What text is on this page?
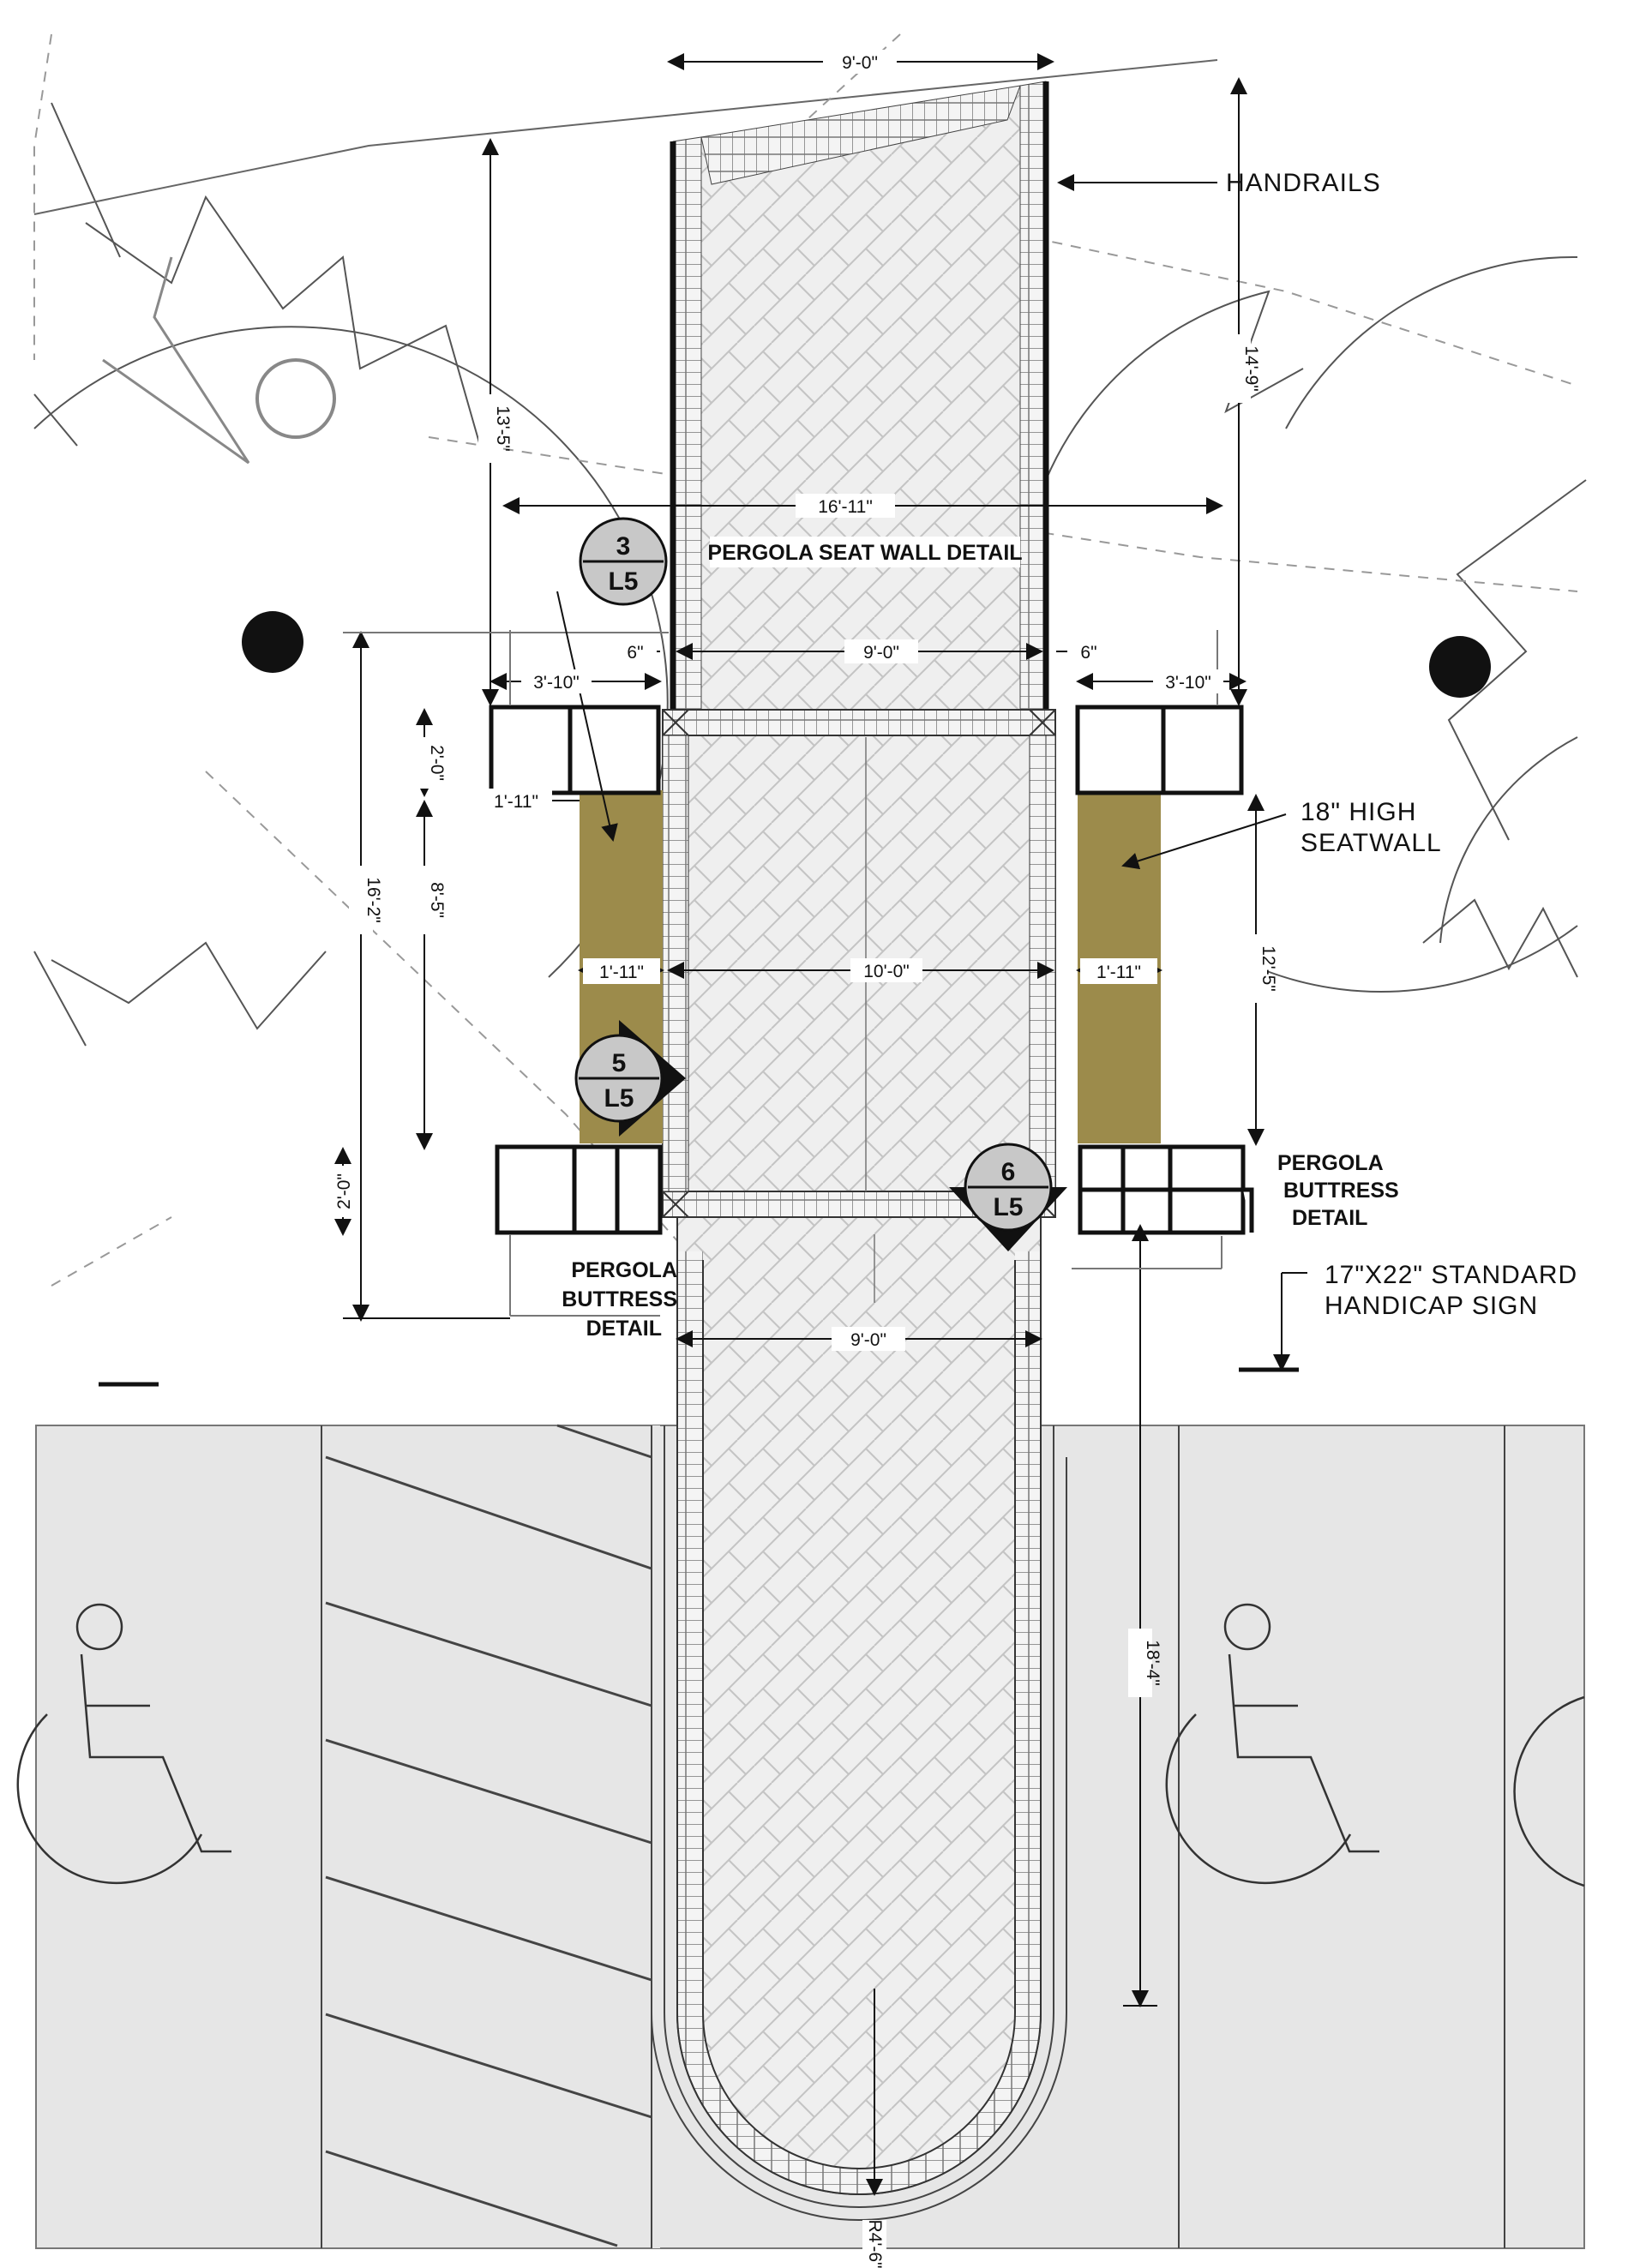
3
L5
5
L5
6
L5
9'-0"
16'-11"
9'-0"
6"	6"
3'-10"	3'-10"
1'-11"
10'-0"
9'-0"
1'-11"	1'-11"
13'-5"
14'-9"
16'-2"
2'-0"
8'-5"
2'-0"
12'-5"
18'-4"
R4'-6"
HANDRAILS
18" HIGH
SEATWALL
17"X22" STANDARD
HANDICAP SIGN
PERGOLA SEAT WALL DETAIL
PERGOLA
BUTTRESS
DETAIL
PERGOLA
BUTTRESS
DETAIL
